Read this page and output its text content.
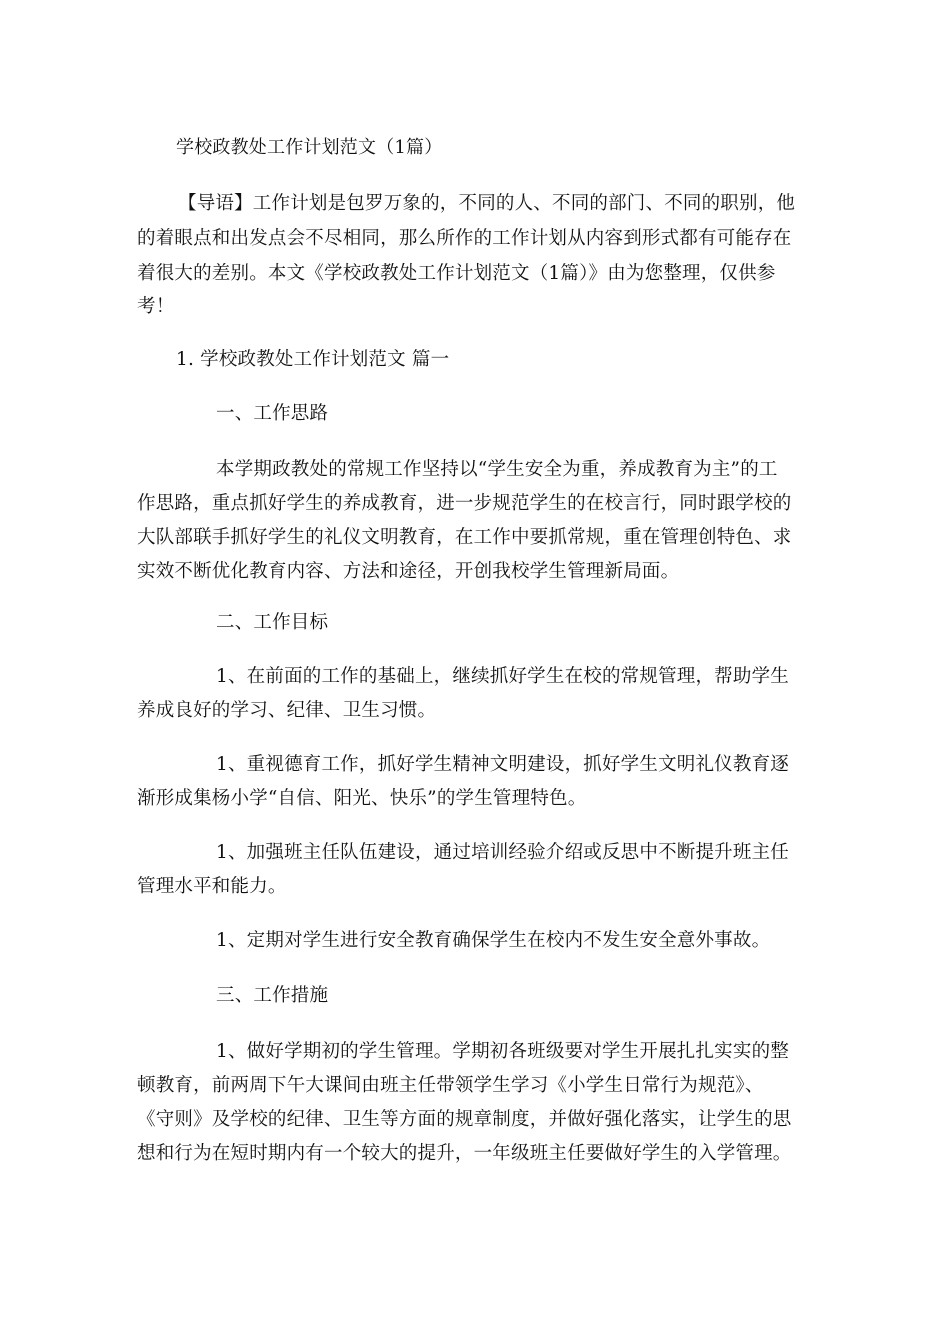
学校政教处工作计划范文（1篇）
【导语】工作计划是包罗万象的，不同的人、不同的部门、不同的职别，他
的着眼点和出发点会不尽相同，那么所作的工作计划从内容到形式都有可能存在
着很大的差别。本文《学校政教处工作计划范文（1篇）》由为您整理，仅供参
考！
1. 学校政教处工作计划范文 篇一
一、工作思路
本学期政教处的常规工作坚持以“学生安全为重，养成教育为主”的工
作思路，重点抓好学生的养成教育，进一步规范学生的在校言行，同时跟学校的
大队部联手抓好学生的礼仪文明教育，在工作中要抓常规，重在管理创特色、求
实效不断优化教育内容、方法和途径，开创我校学生管理新局面。
二、工作目标
1、在前面的工作的基础上，继续抓好学生在校的常规管理，帮助学生
养成良好的学习、纪律、卫生习惯。
1、重视德育工作，抓好学生精神文明建设，抓好学生文明礼仪教育逐
渐形成集杨小学“自信、阳光、快乐”的学生管理特色。
1、加强班主任队伍建设，通过培训经验介绍或反思中不断提升班主任
管理水平和能力。
1、定期对学生进行安全教育确保学生在校内不发生安全意外事故。
三、工作措施
1、做好学期初的学生管理。学期初各班级要对学生开展扎扎实实的整
顿教育，前两周下午大课间由班主任带领学生学习《小学生日常行为规范》、
《守则》及学校的纪律、卫生等方面的规章制度，并做好强化落实，让学生的思
想和行为在短时期内有一个较大的提升，一年级班主任要做好学生的入学管理。
